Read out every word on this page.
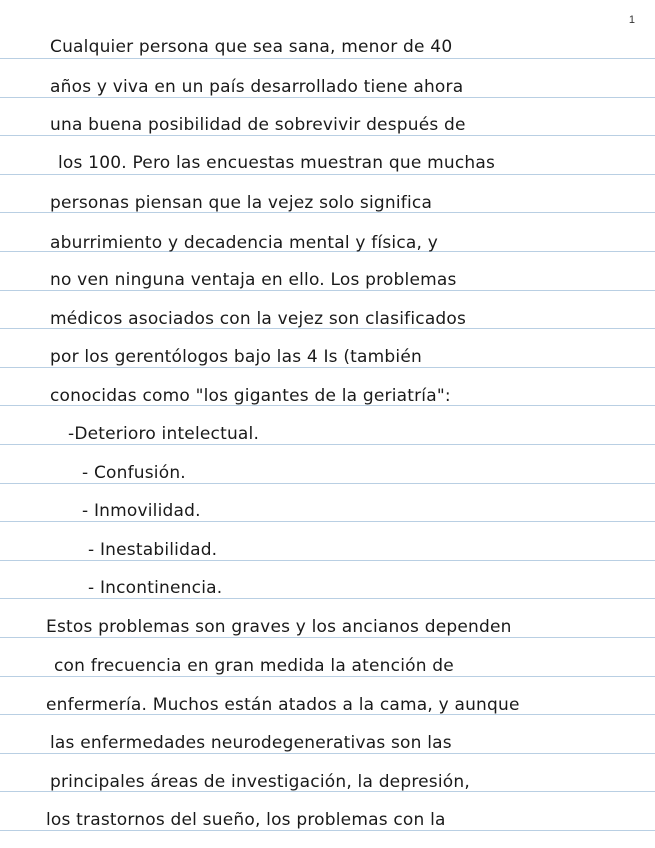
1
Cualquier persona que sea sana, menor de 40
años y viva en un país desarrollado tiene ahora
una buena posibilidad de sobrevivir después de
los 100. Pero las encuestas muestran que muchas
personas piensan que la vejez solo significa
aburrimiento y decadencia mental y física, y
no ven ninguna ventaja en ello. Los problemas
médicos asociados con la vejez son clasificados
por los gerentólogos bajo las 4 Is (también
conocidas como "los gigantes de la geriatría":
-Deterioro intelectual.
- Confusión.
- Inmovilidad.
- Inestabilidad.
- Incontinencia.
Estos problemas son graves y los ancianos dependen
con frecuencia en gran medida la atención de
enfermería. Muchos están atados a la cama, y aunque
las enfermedades neurodegenerativas son las
principales áreas de investigación, la depresión,
los trastornos del sueño, los problemas con la
